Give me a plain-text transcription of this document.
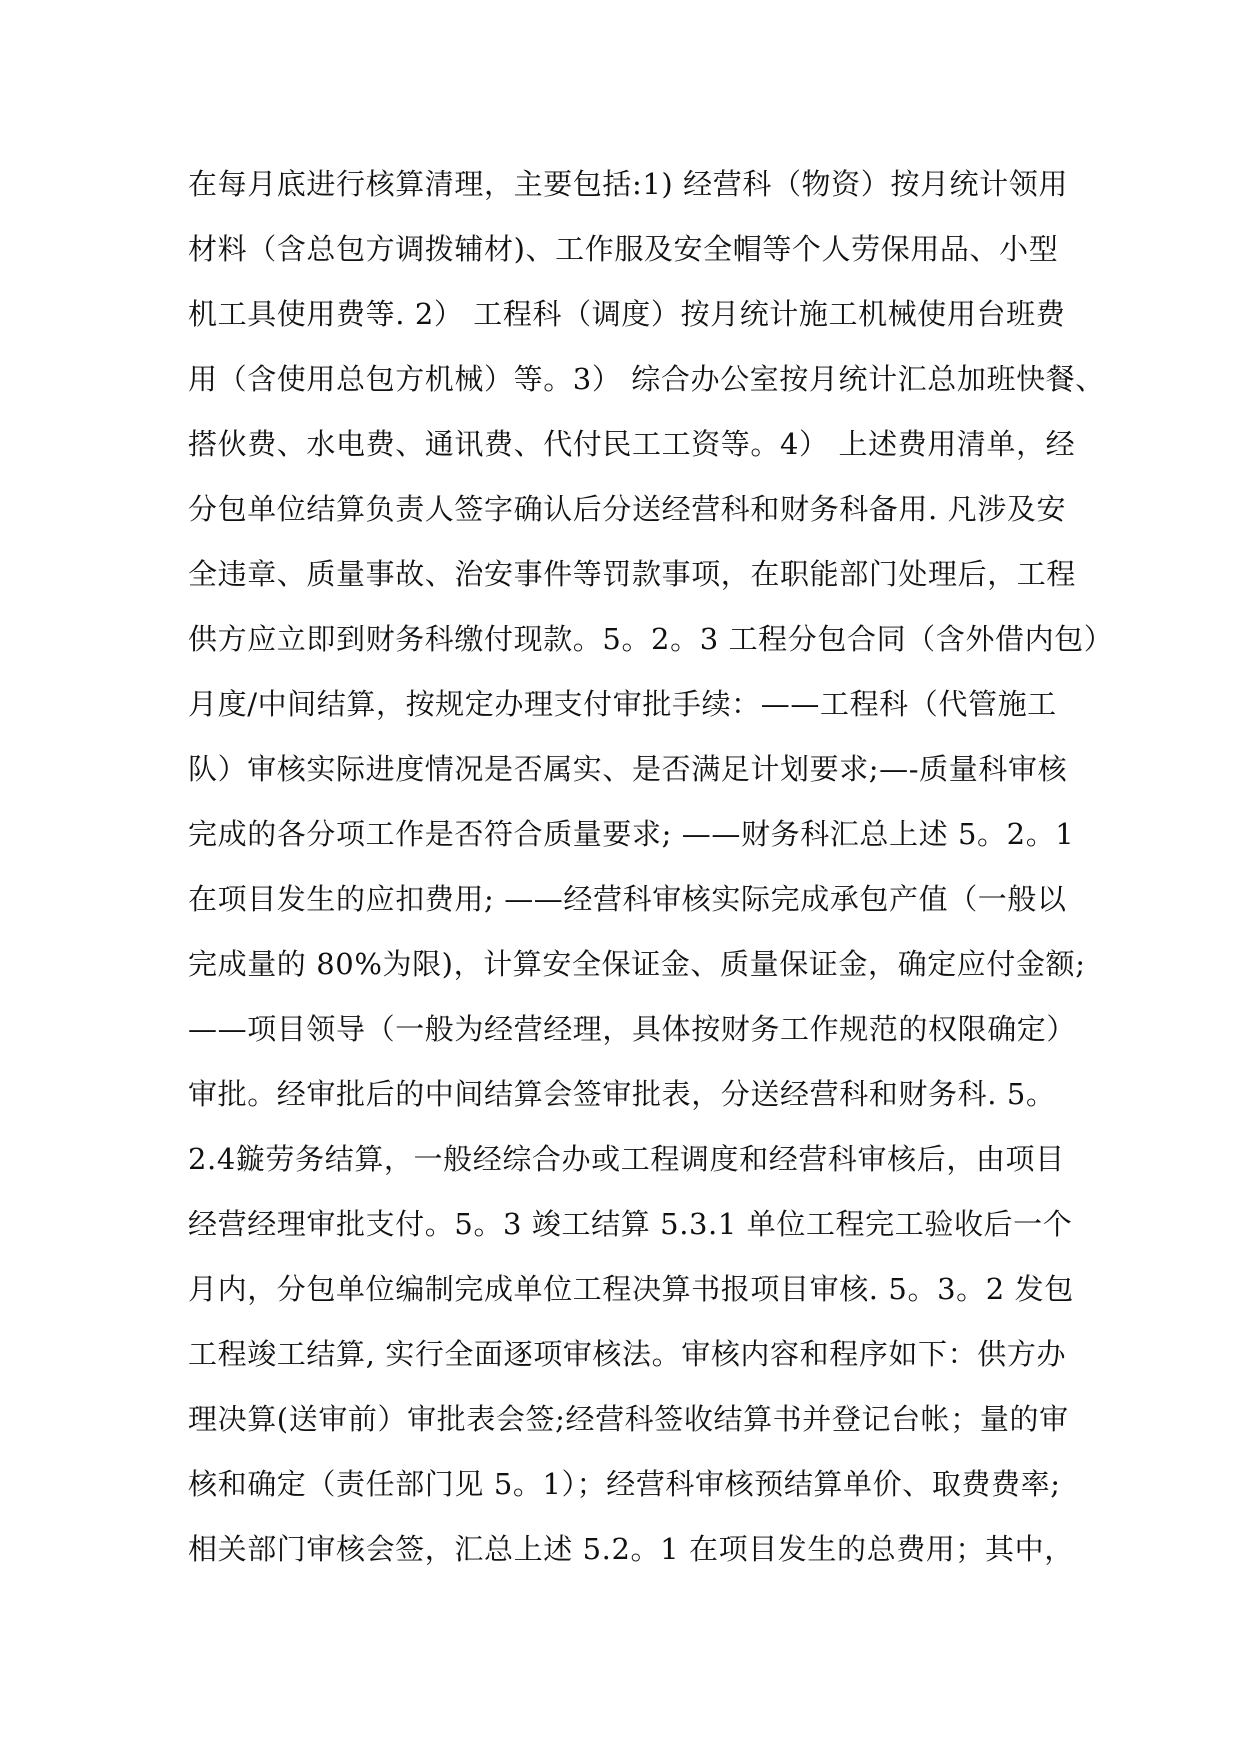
在每月底进行核算清理，主要包括:1) 经营科（物资）按月统计领用
材料（含总包方调拨辅材)、工作服及安全帽等个人劳保用品、小型
机工具使用费等. 2） 工程科（调度）按月统计施工机械使用台班费
用（含使用总包方机械）等。3） 综合办公室按月统计汇总加班快餐、
搭伙费、水电费、通讯费、代付民工工资等。4） 上述费用清单，经
分包单位结算负责人签字确认后分送经营科和财务科备用. 凡涉及安
全违章、质量事故、治安事件等罚款事项，在职能部门处理后，工程
供方应立即到财务科缴付现款。5。2。3 工程分包合同（含外借内包）
月度/中间结算，按规定办理支付审批手续：——工程科（代管施工
队）审核实际进度情况是否属实、是否满足计划要求;—-质量科审核
完成的各分项工作是否符合质量要求; ——财务科汇总上述 5。2。1
在项目发生的应扣费用; ——经营科审核实际完成承包产值（一般以
完成量的 80%为限)，计算安全保证金、质量保证金，确定应付金额;
——项目领导（一般为经营经理，具体按财务工作规范的权限确定）
审批。经审批后的中间结算会签审批表，分送经营科和财务科. 5。
2.4鏇劳务结算，一般经综合办或工程调度和经营科审核后，由项目
经营经理审批支付。5。3 竣工结算 5.3.1 单位工程完工验收后一个
月内，分包单位编制完成单位工程决算书报项目审核. 5。3。2 发包
工程竣工结算, 实行全面逐项审核法。审核内容和程序如下：供方办
理决算(送审前）审批表会签;经营科签收结算书并登记台帐；量的审
核和确定（责任部门见 5。1）；经营科审核预结算单价、取费费率;
相关部门审核会签，汇总上述 5.2。1 在项目发生的总费用；其中，
